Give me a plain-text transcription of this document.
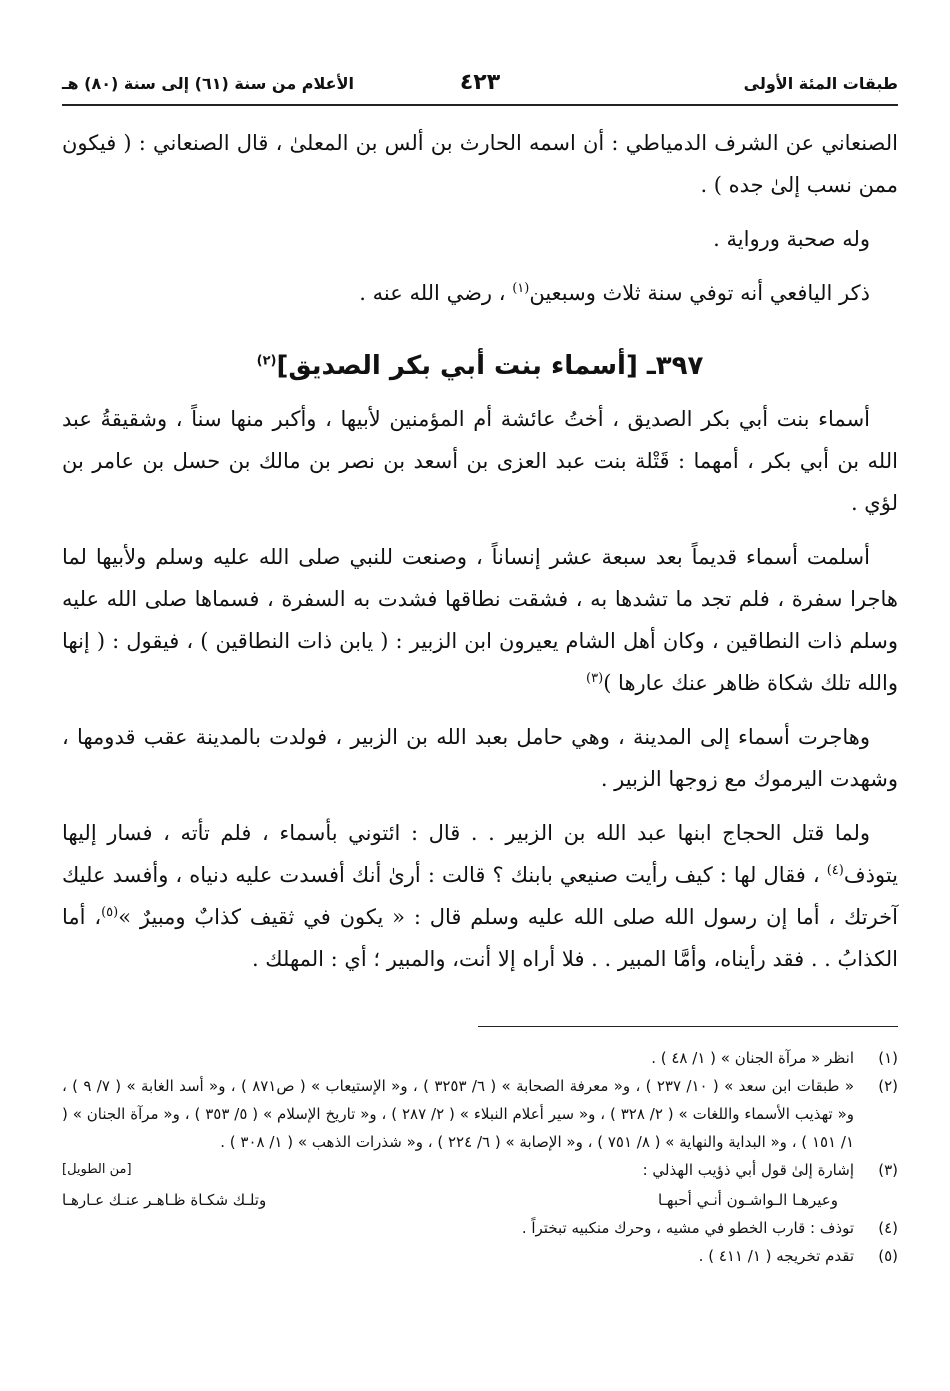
طبقات المئة الأولى
٤٢٣
الأعلام من سنة (٦١) إلى سنة (٨٠) هـ

الصنعاني عن الشرف الدمياطي : أن اسمه الحارث بن ألس بن المعلىٰ ، قال الصنعاني : ( فيكون ممن نسب إلىٰ جده ) .

وله صحبة ورواية .

ذكر اليافعي أنه توفي سنة ثلاث وسبعين$^{(١)}$ ، رضي الله عنه .

٣٩٧ـ [أسماء بنت أبي بكر الصديق]$^{(٢)}$

أسماء بنت أبي بكر الصديق ، أختُ عائشة أم المؤمنين لأبيها ، وأكبر منها سناً ، وشقيقةُ عبد الله بن أبي بكر ، أمهما : قَتْلة بنت عبد العزى بن أسعد بن نصر بن مالك بن حسل بن عامر بن لؤي .

أسلمت أسماء قديماً بعد سبعة عشر إنساناً ، وصنعت للنبي صلى الله عليه وسلم ولأبيها لما هاجرا سفرة ، فلم تجد ما تشدها به ، فشقت نطاقها فشدت به السفرة ، فسماها صلى الله عليه وسلم ذات النطاقين ، وكان أهل الشام يعيرون ابن الزبير : ( يابن ذات النطاقين ) ، فيقول : ( إنها والله تلك شكاة ظاهر عنك عارها )$^{(٣)}$

وهاجرت أسماء إلى المدينة ، وهي حامل بعبد الله بن الزبير ، فولدت بالمدينة عقب قدومها ، وشهدت اليرموك مع زوجها الزبير .

ولما قتل الحجاج ابنها عبد الله بن الزبير . . قال : ائتوني بأسماء ، فلم تأته ، فسار إليها يتوذف$^{(٤)}$ ، فقال لها : كيف رأيت صنيعي بابنك ؟ قالت : أرىٰ أنك أفسدت عليه دنياه ، وأفسد عليك آخرتك ، أما إن رسول الله صلى الله عليه وسلم قال : « يكون في ثقيف كذابٌ ومبيرٌ »$^{(٥)}$، أما الكذابُ . . فقد رأيناه، وأمَّا المبير . . فلا أراه إلا أنت، والمبير ؛ أي : المهلك .

(١)
انظر « مرآة الجنان » ( ١/ ٤٨ ) .
(٢)
« طبقات ابن سعد » ( ١٠/ ٢٣٧ ) ، و« معرفة الصحابة » ( ٦/ ٣٢٥٣ ) ، و« الإستيعاب » ( ص٨٧١ ) ، و« أسد الغابة » ( ٧/ ٩ ) ، و« تهذيب الأسماء واللغات » ( ٢/ ٣٢٨ ) ، و« سير أعلام النبلاء » ( ٢/ ٢٨٧ ) ، و« تاريخ الإسلام » ( ٥/ ٣٥٣ ) ، و« مرآة الجنان » ( ١/ ١٥١ ) ، و« البداية والنهاية » ( ٨/ ٧٥١ ) ، و« الإصابة » ( ٦/ ٢٢٤ ) ، و« شذرات الذهب » ( ١/ ٣٠٨ ) .
(٣)
إشارة إلىٰ قول أبي ذؤيب الهذلي :
[من الطويل]
وعيرهـا الـواشـون أنـي أحبهـا
وتلـك شكـاة ظـاهـر عنـك عـارهـا
(٤)
توذف : قارب الخطو في مشيه ، وحرك منكبيه تبختراً .
(٥)
تقدم تخريجه ( ١/ ٤١١ ) .
